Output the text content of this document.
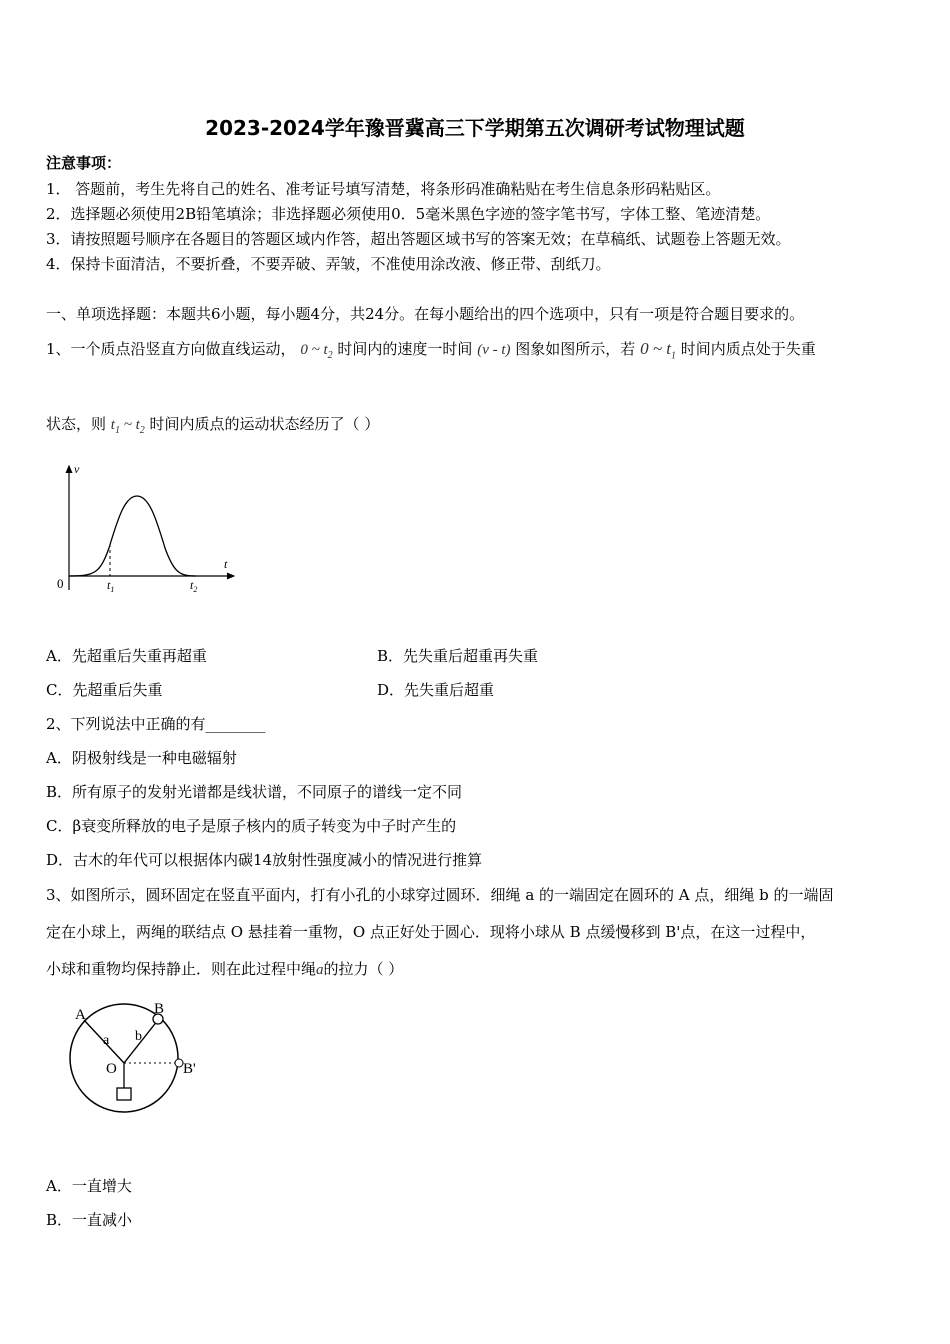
2023-2024学年豫晋冀高三下学期第五次调研考试物理试题
注意事项：
1． 答题前，考生先将自己的姓名、准考证号填写清楚，将条形码准确粘贴在考生信息条形码粘贴区。
2．选择题必须使用2B铅笔填涂；非选择题必须使用0．5毫米黑色字迹的签字笔书写，字体工整、笔迹清楚。
3．请按照题号顺序在各题目的答题区域内作答，超出答题区域书写的答案无效；在草稿纸、试题卷上答题无效。
4．保持卡面清洁，不要折叠，不要弄破、弄皱，不准使用涂改液、修正带、刮纸刀。
一、单项选择题：本题共6小题，每小题4分，共24分。在每小题给出的四个选项中，只有一项是符合题目要求的。
1、一个质点沿竖直方向做直线运动， 0 ~ $t_2$ 时间内的速度一时间 (v - t) 图象如图所示，若 0 ~ $t_1$ 时间内质点处于失重
状态，则 $t_1$ ~ $t_2$ 时间内质点的运动状态经历了（ ）
v
t
0	$t_1$	$t_2$
A．先超重后失重再超重	B．先失重后超重再失重
C．先超重后失重	D．先失重后超重
2、下列说法中正确的有________
A．阴极射线是一种电磁辐射
B．所有原子的发射光谱都是线状谱，不同原子的谱线一定不同
C．β衰变所释放的电子是原子核内的质子转变为中子时产生的
D．古木的年代可以根据体内碳14放射性强度减小的情况进行推算
3、如图所示，圆环固定在竖直平面内，打有小孔的小球穿过圆环．细绳 a 的一端固定在圆环的 A 点，细绳 b 的一端固
定在小球上，两绳的联结点 O 悬挂着一重物，O 点正好处于圆心．现将小球从 B 点缓慢移到 B'点，在这一过程中，
小球和重物均保持静止．则在此过程中绳a的拉力（ ）
A	B
a b
O	B'
A．一直增大
B．一直减小
